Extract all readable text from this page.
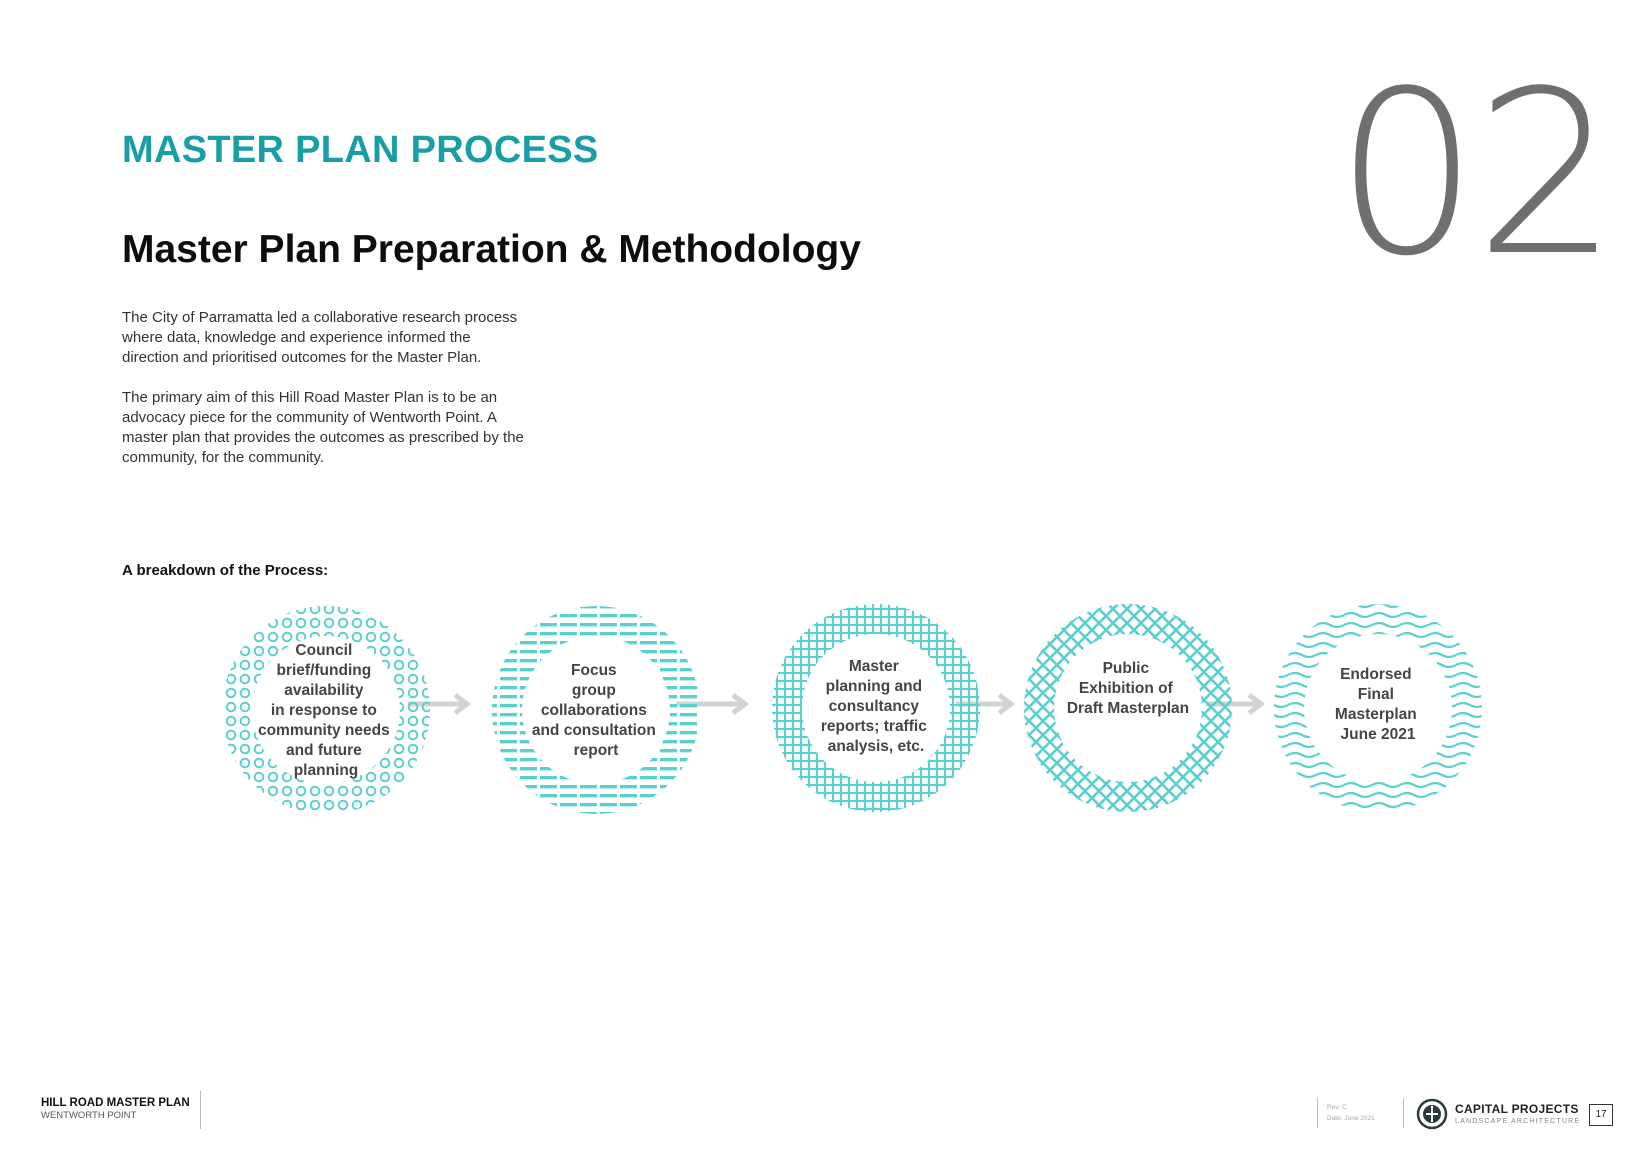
02
MASTER PLAN PROCESS
Master Plan Preparation & Methodology
The City of Parramatta led a collaborative research process
where data, knowledge and experience informed the
direction and prioritised outcomes for the Master Plan.
The primary aim of this Hill Road Master Plan is to be an
advocacy piece for the community of Wentworth Point. A
master plan that provides the outcomes as prescribed by the
community, for the community.
A breakdown of the Process:
Council brief/funding availability in response to community needs and future planning
Focus group collaborations and consultation report
Master planning and consultancy reports; traffic analysis, etc.
Public Exhibition of Draft Masterplan
Endorsed Final Masterplan June 2021
HILL ROAD MASTER PLAN
WENTWORTH POINT
Rev: C
Date: June 2021
CAPITAL PROJECTS
LANDSCAPE ARCHITECTURE
17
